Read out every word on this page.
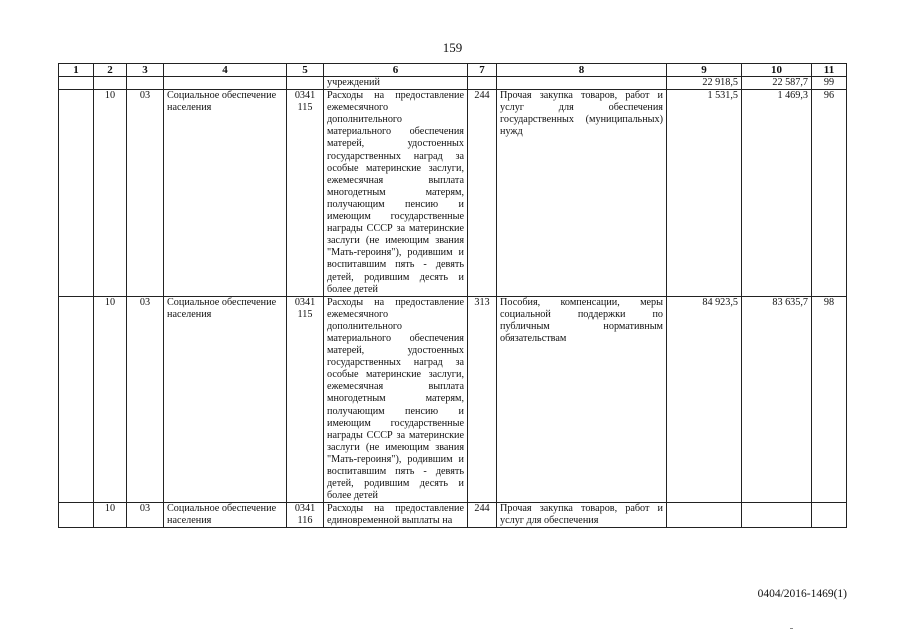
159
1	2	3	4	5	6	7	8	9	10	11
					учреждений			22 918,5	22 587,7	99
	10	03	Социальное обеспечение населения	0341 115	Расходы на предоставление ежемесячного дополнительного материального обеспечения матерей, удостоенных государственных наград за особые материнские заслуги, ежемесячная выплата многодетным матерям, получающим пенсию и имеющим государственные награды СССР за материнские заслуги (не имеющим звания "Мать-героиня"), родившим и воспитавшим пять - девять детей, родившим десять и более детей	244	Прочая закупка товаров, работ и услуг для обеспечения государственных (муниципальных) нужд	1 531,5	1 469,3	96
	10	03	Социальное обеспечение населения	0341 115	Расходы на предоставление ежемесячного дополнительного материального обеспечения матерей, удостоенных государственных наград за особые материнские заслуги, ежемесячная выплата многодетным матерям, получающим пенсию и имеющим государственные награды СССР за материнские заслуги (не имеющим звания "Мать-героиня"), родившим и воспитавшим пять - девять детей, родившим десять и более детей	313	Пособия, компенсации, меры социальной поддержки по публичным нормативным обязательствам	84 923,5	83 635,7	98
	10	03	Социальное обеспечение населения	0341 116	Расходы на предоставление единовременной выплаты на	244	Прочая закупка товаров, работ и услуг для обеспечения			
0404/2016-1469(1)
